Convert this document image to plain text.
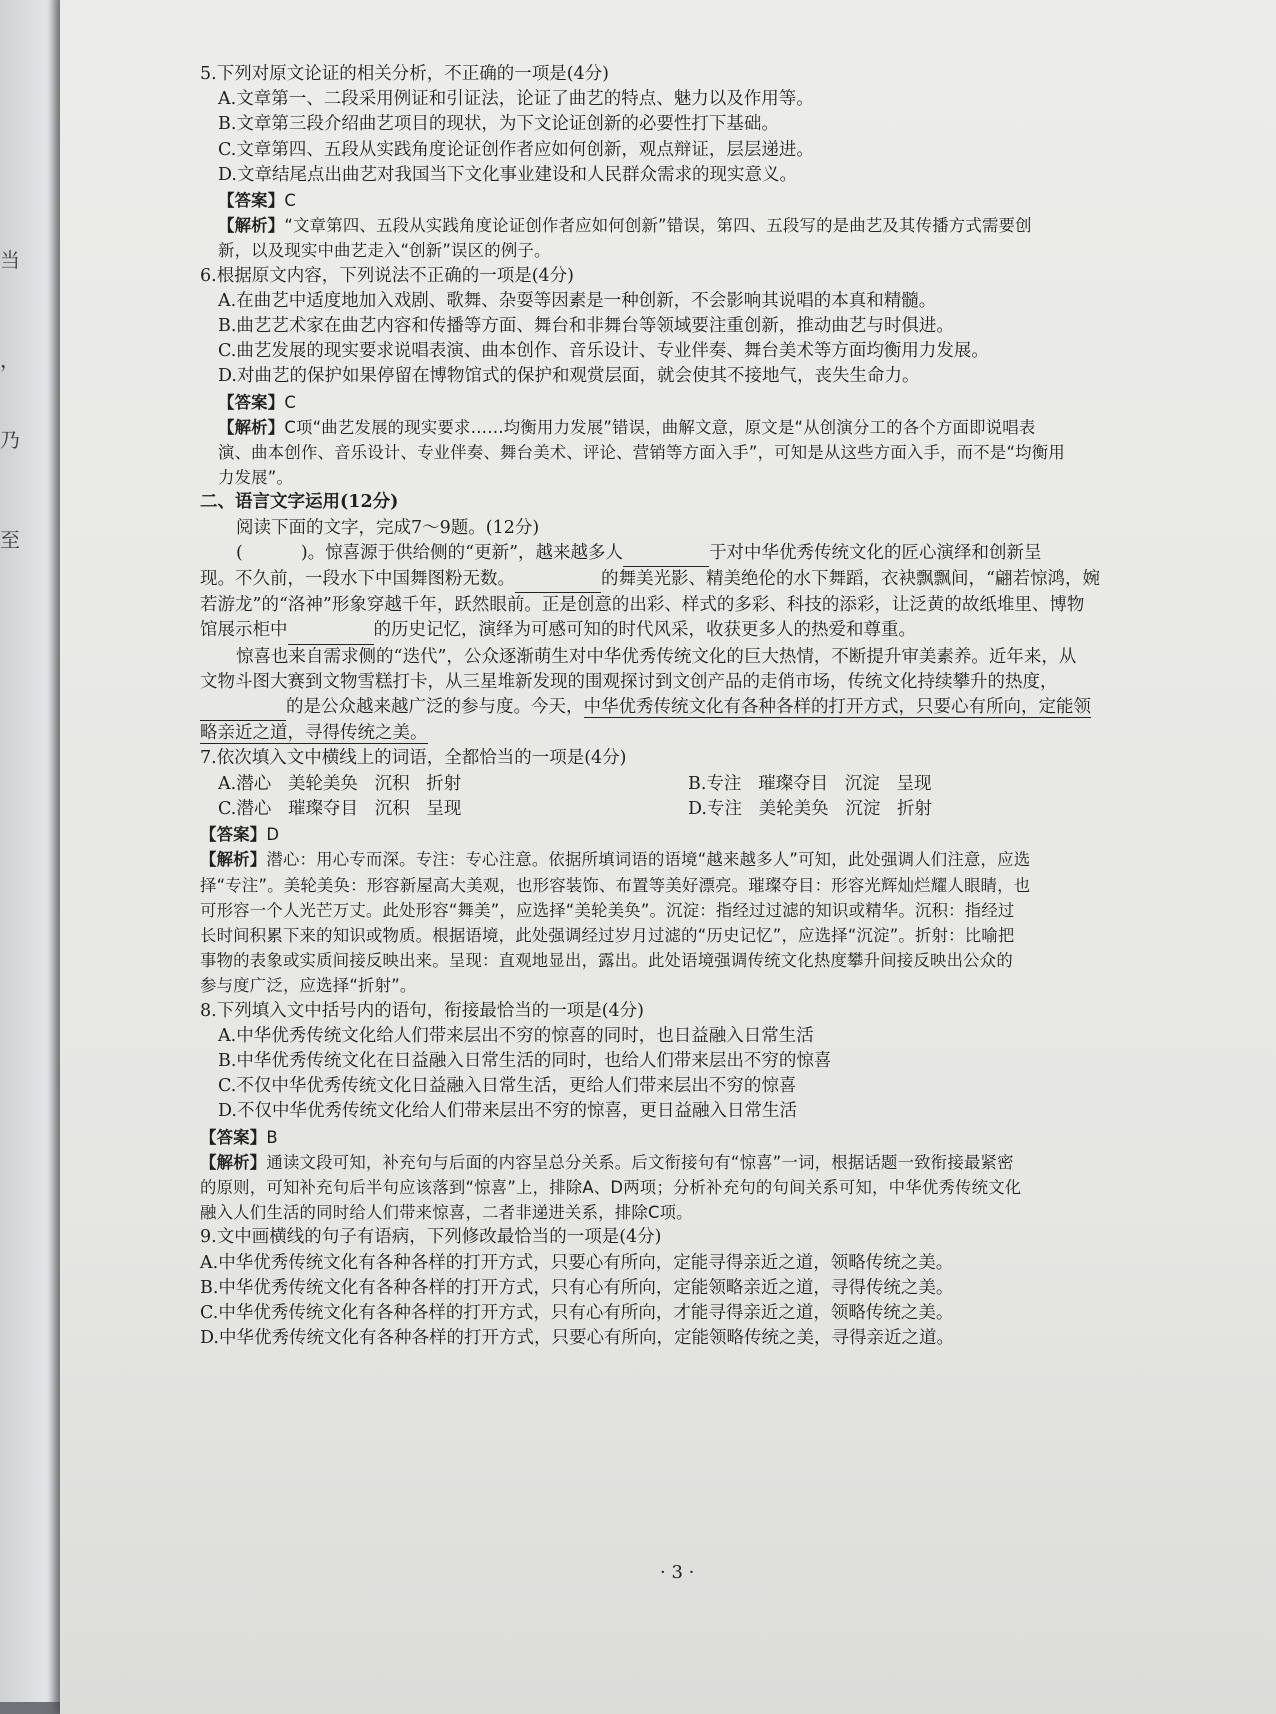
当
，
乃
至

5.下列对原文论证的相关分析，不正确的一项是(4分)

A.文章第一、二段采用例证和引证法，论证了曲艺的特点、魅力以及作用等。

B.文章第三段介绍曲艺项目的现状，为下文论证创新的必要性打下基础。

C.文章第四、五段从实践角度论证创作者应如何创新，观点辩证，层层递进。

D.文章结尾点出曲艺对我国当下文化事业建设和人民群众需求的现实意义。

【答案】C

【解析】“文章第四、五段从实践角度论证创作者应如何创新”错误，第四、五段写的是曲艺及其传播方式需要创

新，以及现实中曲艺走入“创新”误区的例子。

6.根据原文内容，下列说法不正确的一项是(4分)

A.在曲艺中适度地加入戏剧、歌舞、杂耍等因素是一种创新，不会影响其说唱的本真和精髓。

B.曲艺艺术家在曲艺内容和传播等方面、舞台和非舞台等领域要注重创新，推动曲艺与时俱进。

C.曲艺发展的现实要求说唱表演、曲本创作、音乐设计、专业伴奏、舞台美术等方面均衡用力发展。

D.对曲艺的保护如果停留在博物馆式的保护和观赏层面，就会使其不接地气，丧失生命力。

【答案】C

【解析】C项“曲艺发展的现实要求……均衡用力发展”错误，曲解文意，原文是“从创演分工的各个方面即说唱表

演、曲本创作、音乐设计、专业伴奏、舞台美术、评论、营销等方面入手”，可知是从这些方面入手，而不是“均衡用

力发展”。

二、语言文字运用(12分)

阅读下面的文字，完成7～9题。(12分)

(	)。惊喜源于供给侧的“更新”，越来越多人	于对中华优秀传统文化的匠心演绎和创新呈

现。不久前，一段水下中国舞图粉无数。	的舞美光影、精美绝伦的水下舞蹈，衣袂飘飘间，“翩若惊鸿，婉

若游龙”的“洛神”形象穿越千年，跃然眼前。正是创意的出彩、样式的多彩、科技的添彩，让泛黄的故纸堆里、博物

馆展示柜中	的历史记忆，演绎为可感可知的时代风采，收获更多人的热爱和尊重。

惊喜也来自需求侧的“迭代”，公众逐渐萌生对中华优秀传统文化的巨大热情，不断提升审美素养。近年来，从

文物斗图大赛到文物雪糕打卡，从三星堆新发现的围观探讨到文创产品的走俏市场，传统文化持续攀升的热度，

的是公众越来越广泛的参与度。今天，中华优秀传统文化有各种各样的打开方式，只要心有所向，定能领

略亲近之道，寻得传统之美。

7.依次填入文中横线上的词语，全都恰当的一项是(4分)

A.潜心   美轮美奂   沉积   折射	B.专注   璀璨夺目   沉淀   呈现
C.潜心   璀璨夺目   沉积   呈现	D.专注   美轮美奂   沉淀   折射

【答案】D

【解析】潜心：用心专而深。专注：专心注意。依据所填词语的语境“越来越多人”可知，此处强调人们注意，应选

择“专注”。美轮美奂：形容新屋高大美观，也形容装饰、布置等美好漂亮。璀璨夺目：形容光辉灿烂耀人眼睛，也

可形容一个人光芒万丈。此处形容“舞美”，应选择“美轮美奂”。沉淀：指经过过滤的知识或精华。沉积：指经过

长时间积累下来的知识或物质。根据语境，此处强调经过岁月过滤的“历史记忆”，应选择“沉淀”。折射：比喻把

事物的表象或实质间接反映出来。呈现：直观地显出，露出。此处语境强调传统文化热度攀升间接反映出公众的

参与度广泛，应选择“折射”。

8.下列填入文中括号内的语句，衔接最恰当的一项是(4分)

A.中华优秀传统文化给人们带来层出不穷的惊喜的同时，也日益融入日常生活

B.中华优秀传统文化在日益融入日常生活的同时，也给人们带来层出不穷的惊喜

C.不仅中华优秀传统文化日益融入日常生活，更给人们带来层出不穷的惊喜

D.不仅中华优秀传统文化给人们带来层出不穷的惊喜，更日益融入日常生活

【答案】B

【解析】通读文段可知，补充句与后面的内容呈总分关系。后文衔接句有“惊喜”一词，根据话题一致衔接最紧密

的原则，可知补充句后半句应该落到“惊喜”上，排除A、D两项；分析补充句的句间关系可知，中华优秀传统文化

融入人们生活的同时给人们带来惊喜，二者非递进关系，排除C项。

9.文中画横线的句子有语病，下列修改最恰当的一项是(4分)

A.中华优秀传统文化有各种各样的打开方式，只要心有所向，定能寻得亲近之道，领略传统之美。

B.中华优秀传统文化有各种各样的打开方式，只有心有所向，定能领略亲近之道，寻得传统之美。

C.中华优秀传统文化有各种各样的打开方式，只有心有所向，才能寻得亲近之道，领略传统之美。

D.中华优秀传统文化有各种各样的打开方式，只要心有所向，定能领略传统之美，寻得亲近之道。

· 3 ·
